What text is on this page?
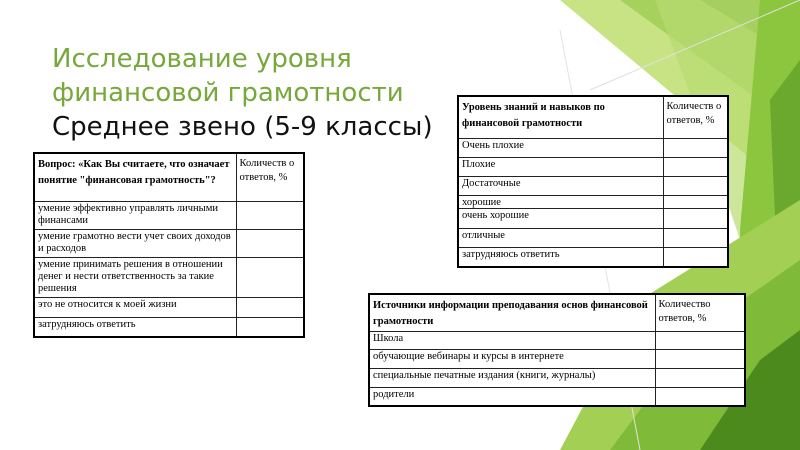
Исследование уровня финансовой грамотности
Среднее звено (5-9 классы)
Вопрос: «Как Вы считаете, что означает понятие "финансовая грамотность"?	Количеств о ответов, %
умение эффективно управлять личными финансами	
умение грамотно вести учет своих доходов и расходов	
умение принимать решения в отношении денег и нести ответственность за такие решения	
это не относится к моей жизни	
затрудняюсь ответить	
Уровень знаний и навыков по финансовой грамотности	Количеств о ответов, %
Очень плохие	
Плохие	
Достаточные	
хорошие	
очень хорошие	
отличные	
затрудняюсь ответить	
Источники информации преподавания основ финансовой грамотности	Количество ответов, %
Школа	
обучающие вебинары и курсы в интернете	
специальные печатные издания (книги, журналы)	
родители	
